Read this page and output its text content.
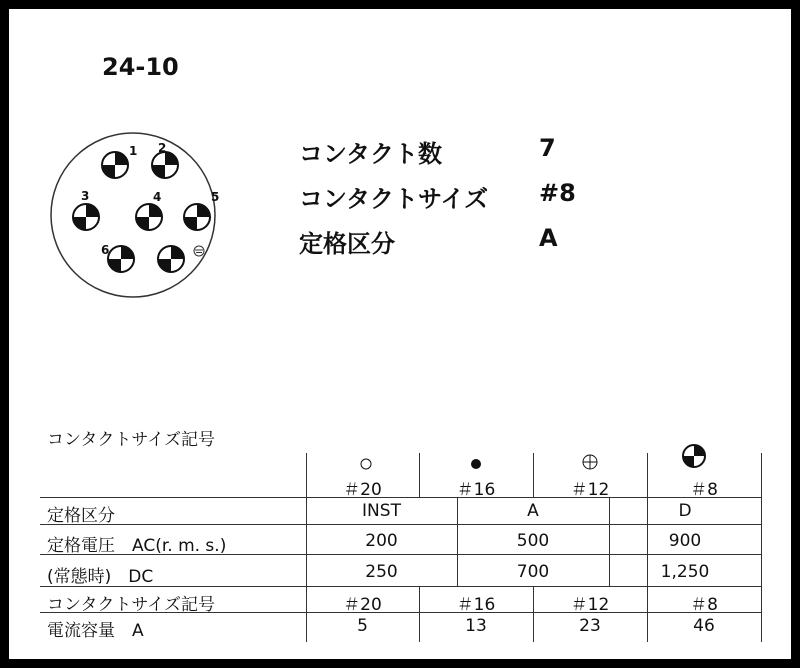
24-10
1 2
3	4	5
6
コンタクト数	7
コンタクトサイズ #8
定格区分	A
コンタクトサイズ記号
＃20	＃16	＃12	＃8
定格区分	INST	A	D
定格電圧　AC(r. m. s.)	200	500	900
(常態時)　DC	250	700	1,250
コンタクトサイズ記号	＃20	＃16	＃12	＃8
電流容量　A	5	13	23	46
